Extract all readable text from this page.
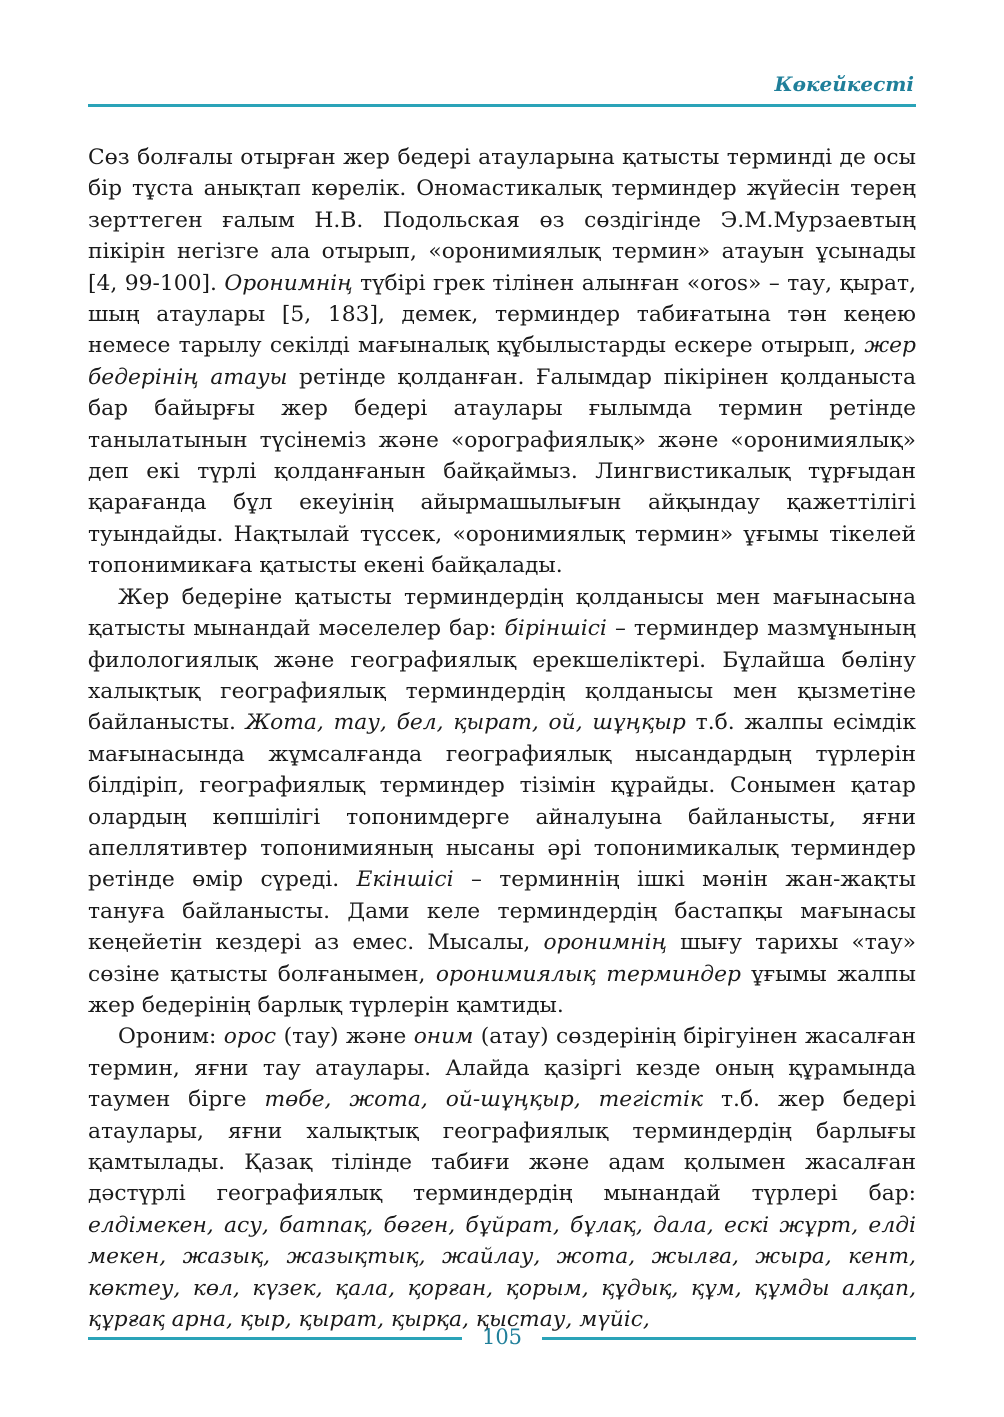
Көкейкесті

Сөз болғалы отырған жер бедері атауларына қатысты терминді де осы бір тұста анықтап көрелік. Ономастикалық терминдер жүйесін терең зерттеген ғалым Н.В. Подольская өз сөздігінде Э.М.Мурзаевтың пікірін негізге ала отырып, «оронимиялық термин» атауын ұсынады [4, 99-100]. Оронимнің түбірі грек тілінен алынған «oros» – тау, қырат, шың атаулары [5, 183], демек, терминдер табиғатына тән кеңею немесе тарылу секілді мағыналық құбылыстарды ескере отырып, жер бедерінің атауы ретінде қолданған. Ғалымдар пікірінен қолданыста бар байырғы жер бедері атаулары ғылымда термин ретінде танылатынын түсінеміз және «орографиялық» және «оронимиялық» деп екі түрлі қолданғанын байқаймыз. Лингвистикалық тұрғыдан қарағанда бұл екеуінің айырмашылығын айқындау қажеттілігі туындайды. Нақтылай түссек, «оронимиялық термин» ұғымы тікелей топонимикаға қатысты екені байқалады.

Жер бедеріне қатысты терминдердің қолданысы мен мағынасына қатысты мынандай мәселелер бар: біріншісі – терминдер мазмұнының филологиялық және географиялық ерекшеліктері. Бұлайша бөліну халықтық географиялық терминдердің қолданысы мен қызметіне байланысты. Жота, тау, бел, қырат, ой, шұңқыр т.б. жалпы есімдік мағынасында жұмсалғанда географиялық нысандардың түрлерін білдіріп, географиялық терминдер тізімін құрайды. Сонымен қатар олардың көпшілігі топонимдерге айналуына байланысты, яғни апеллятивтер топонимияның нысаны әрі топонимикалық терминдер ретінде өмір сүреді. Екіншісі – терминнің ішкі мәнін жан-жақты тануға байланысты. Дами келе терминдердің бастапқы мағынасы кеңейетін кездері аз емес. Мысалы, оронимнің шығу тарихы «тау» сөзіне қатысты болғанымен, оронимиялық терминдер ұғымы жалпы жер бедерінің барлық түрлерін қамтиды.

Ороним: орос (тау) және оним (атау) сөздерінің бірігуінен жасалған термин, яғни тау атаулары. Алайда қазіргі кезде оның құрамында таумен бірге төбе, жота, ой-шұңқыр, тегістік т.б. жер бедері атаулары, яғни халықтық географиялық терминдердің барлығы қамтылады. Қазақ тілінде табиғи және адам қолымен жасалған дәстүрлі географиялық терминдердің мынандай түрлері бар: елдімекен, асу, батпақ, бөген, бұйрат, бұлақ, дала, ескі жұрт, елді мекен, жазық, жазықтық, жайлау, жота, жылға, жыра, кент, көктеу, көл, күзек, қала, қорған, қорым, құдық, құм, құмды алқап, құрғақ арна, қыр, қырат, қырқа, қыстау, мүйіс,

105
